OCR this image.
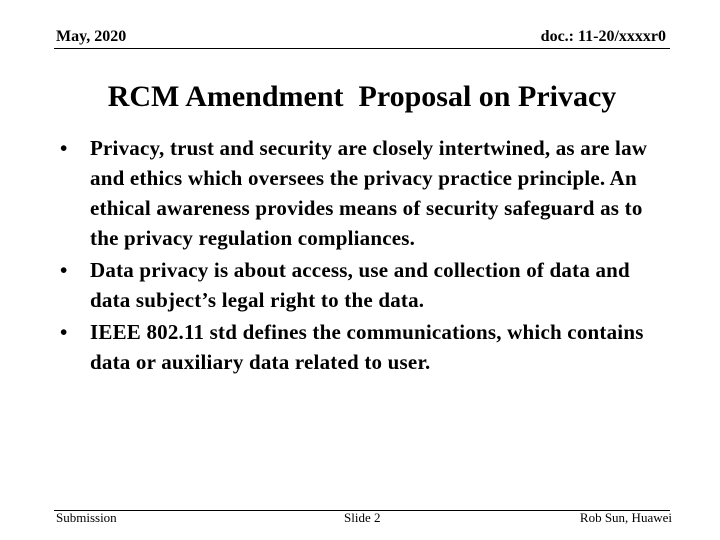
May, 2020	doc.: 11-20/xxxxr0
RCM Amendment  Proposal on Privacy
•	Privacy, trust and security are closely intertwined, as are law and ethics which oversees the privacy practice principle. An ethical awareness provides means of security safeguard as to the privacy regulation compliances.
•	Data privacy is about access, use and collection of data and data subject’s legal right to the data.
•	IEEE 802.11 std defines the communications, which contains data or auxiliary data related to user.
Submission	Slide 2	Rob Sun, Huawei
